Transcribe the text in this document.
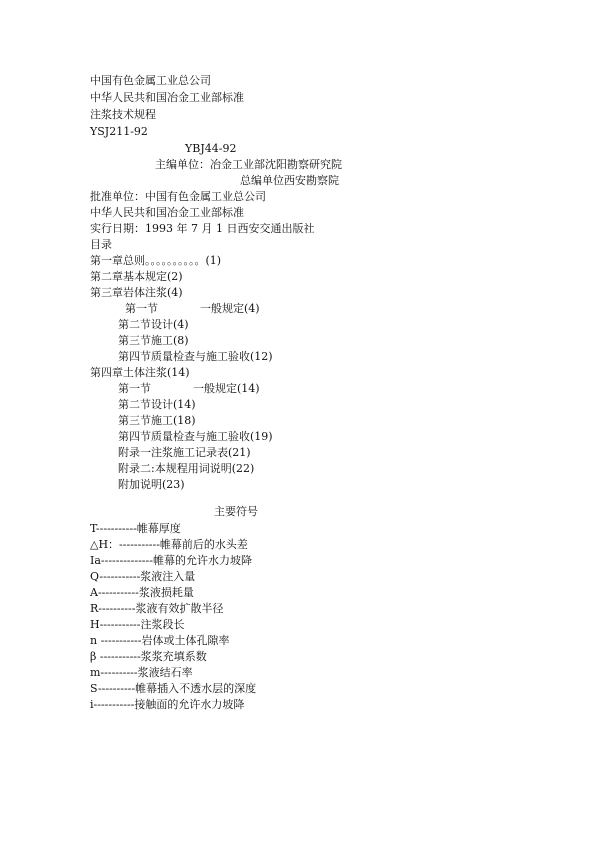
中国有色金属工业总公司
中华人民共和国冶金工业部标准
注浆技术规程
YSJ211-92
YBJ44-92
主编单位：冶金工业部沈阳勘察研究院
总编单位西安勘察院
批准单位：中国有色金属工业总公司
中华人民共和国冶金工业部标准
实行日期：1993 年 7 月 1 日西安交通出版社
目录
第一章总则。。。。。。。。。。(1)
第二章基本规定(2)
第三章岩体注浆(4)
第一节            一般规定(4)
第二节设计(4)
第三节施工(8)
第四节质量检查与施工验收(12)
第四章土体注浆(14)
第一节            一般规定(14)
第二节设计(14)
第三节施工(18)
第四节质量检查与施工验收(19)
附录一注浆施工记录表(21)
附录二:本规程用词说明(22)
附加说明(23)
主要符号
T-----------帷幕厚度
△H：-----------帷幕前后的水头差
Ia--------------帷幕的允许水力坡降
Q-----------浆液注入量
A-----------浆液损耗量
R----------浆液有效扩散半径
H-----------注浆段长
n -----------岩体或土体孔隙率
β -----------浆浆充填系数
m----------浆液结石率
S----------帷幕插入不透水层的深度
i-----------接触面的允许水力坡降
